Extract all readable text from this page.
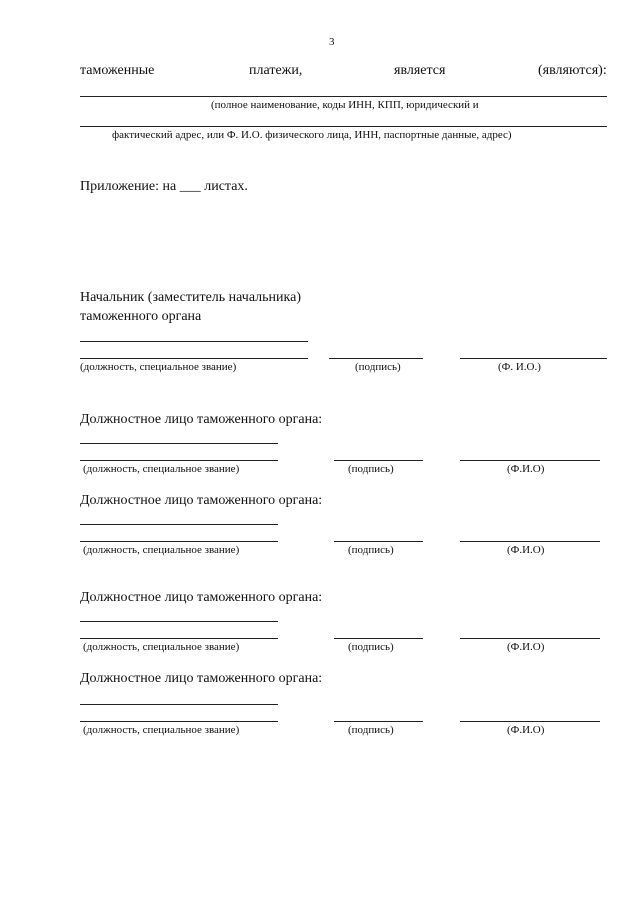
3
таможенные	платежи,	является	(являются):
(полное наименование, коды ИНН, КПП, юридический и
фактический адрес, или Ф. И.О. физического лица, ИНН, паспортные данные, адрес)
Приложение: на ___ листах.
Начальник (заместитель начальника)
таможенного органа
(должность, специальное звание)	(подпись)	(Ф. И.О.)
Должностное лицо таможенного органа:
(должность, специальное звание)	(подпись)	(Ф.И.О)
Должностное лицо таможенного органа:
(должность, специальное звание)	(подпись)	(Ф.И.О)
Должностное лицо таможенного органа:
(должность, специальное звание)	(подпись)	(Ф.И.О)
Должностное лицо таможенного органа:
(должность, специальное звание)	(подпись)	(Ф.И.О)
